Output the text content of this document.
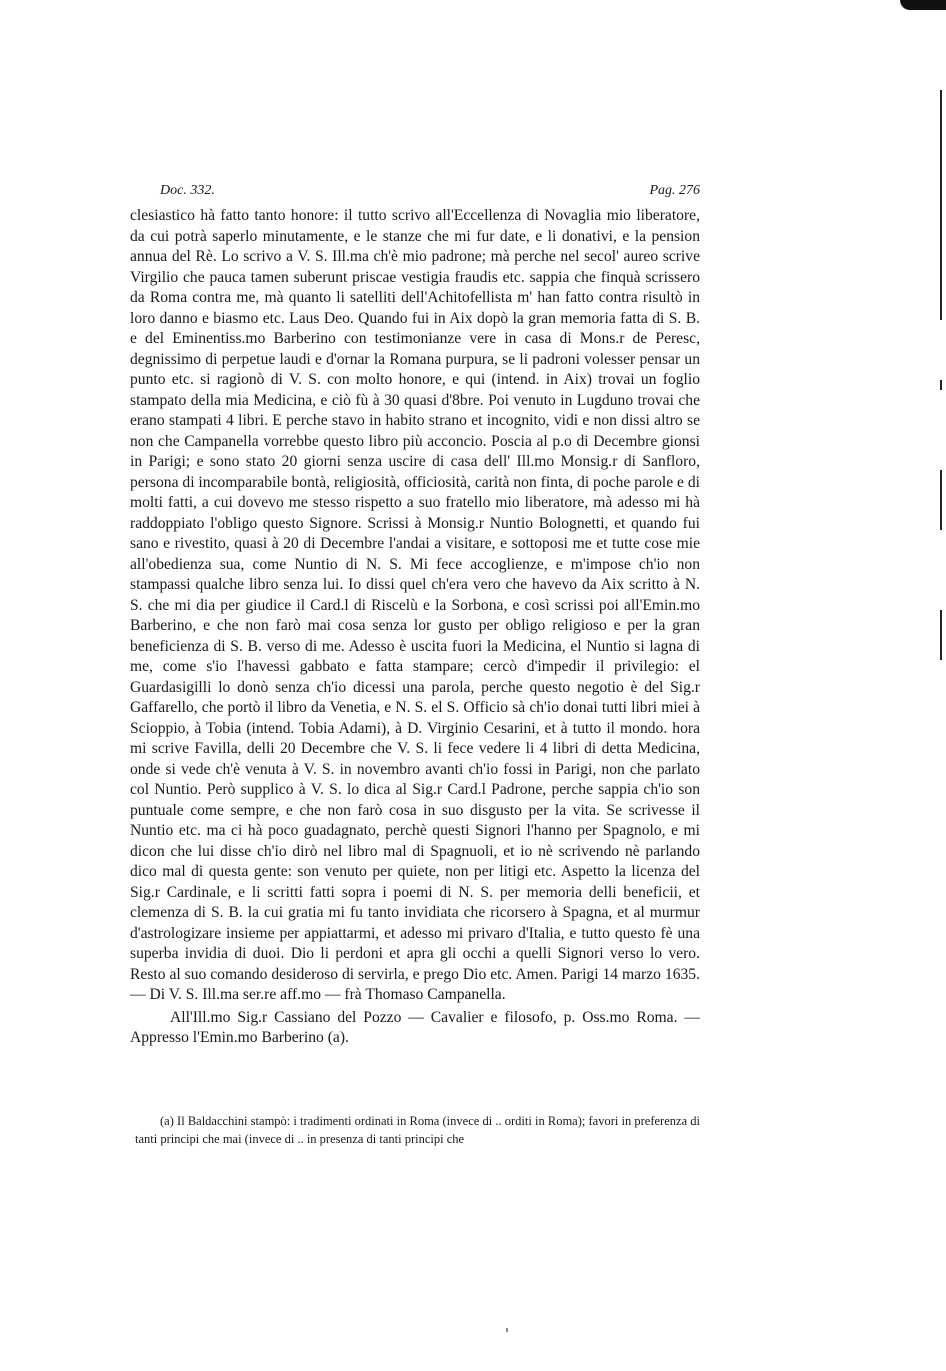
Doc. 332.	Pag. 276

clesiastico hà fatto tanto honore: il tutto scrivo all'Eccellenza di Novaglia mio liberatore, da cui potrà saperlo minutamente, e le stanze che mi fur date, e li donativi, e la pension annua del Rè. Lo scrivo a V. S. Ill.ma ch'è mio padrone; mà perche nel secol' aureo scrive Virgilio che pauca tamen suberunt priscae vestigia fraudis etc. sappia che finquà scrissero da Roma contra me, mà quanto li satelliti dell'Achitofellista m' han fatto contra risultò in loro danno e biasmo etc. Laus Deo. Quando fui in Aix dopò la gran memoria fatta di S. B. e del Eminentiss.mo Barberino con testimonianze vere in casa di Mons.r de Peresc, degnissimo di perpetue laudi e d'ornar la Romana purpura, se li padroni volesser pensar un punto etc. si ragionò di V. S. con molto honore, e qui (intend. in Aix) trovai un foglio stampato della mia Medicina, e ciò fù à 30 quasi d'8bre. Poi venuto in Lugduno trovai che erano stampati 4 libri. E perche stavo in habito strano et incognito, vidi e non dissi altro se non che Campanella vorrebbe questo libro più acconcio. Poscia al p.o di Decembre gionsi in Parigi; e sono stato 20 giorni senza uscire di casa dell' Ill.mo Monsig.r di Sanfloro, persona di incomparabile bontà, religiosità, officiosità, carità non finta, di poche parole e di molti fatti, a cui dovevo me stesso rispetto a suo fratello mio liberatore, mà adesso mi hà raddoppiato l'obligo questo Signore. Scrissi à Monsig.r Nuntio Bolognetti, et quando fui sano e rivestito, quasi à 20 di Decembre l'andai a visitare, e sottoposi me et tutte cose mie all'obedienza sua, come Nuntio di N. S. Mi fece accoglienze, e m'impose ch'io non stampassi qualche libro senza lui. Io dissi quel ch'era vero che havevo da Aix scritto à N. S. che mi dia per giudice il Card.l di Riscelù e la Sorbona, e così scrissi poi all'Emin.mo Barberino, e che non farò mai cosa senza lor gusto per obligo religioso e per la gran beneficienza di S. B. verso di me. Adesso è uscita fuori la Medicina, el Nuntio si lagna di me, come s'io l'havessi gabbato e fatta stampare; cercò d'impedir il privilegio: el Guardasigilli lo donò senza ch'io dicessi una parola, perche questo negotio è del Sig.r Gaffarello, che portò il libro da Venetia, e N. S. el S. Officio sà ch'io donai tutti libri miei à Scioppio, à Tobia (intend. Tobia Adami), à D. Virginio Cesarini, et à tutto il mondo. hora mi scrive Favilla, delli 20 Decembre che V. S. li fece vedere li 4 libri di detta Medicina, onde si vede ch'è venuta à V. S. in novembro avanti ch'io fossi in Parigi, non che parlato col Nuntio. Però supplico à V. S. lo dica al Sig.r Card.l Padrone, perche sappia ch'io son puntuale come sempre, e che non farò cosa in suo disgusto per la vita. Se scrivesse il Nuntio etc. ma ci hà poco guadagnato, perchè questi Signori l'hanno per Spagnolo, e mi dicon che lui disse ch'io dirò nel libro mal di Spagnuoli, et io nè scrivendo nè parlando dico mal di questa gente: son venuto per quiete, non per litigi etc. Aspetto la licenza del Sig.r Cardinale, e li scritti fatti sopra i poemi di N. S. per memoria delli beneficii, et clemenza di S. B. la cui gratia mi fu tanto invidiata che ricorsero à Spagna, et al murmur d'astrologizare insieme per appiattarmi, et adesso mi privaro d'Italia, e tutto questo fè una superba invidia di duoi. Dio li perdoni et apra gli occhi a quelli Signori verso lo vero. Resto al suo comando desideroso di servirla, e prego Dio etc. Amen. Parigi 14 marzo 1635. — Di V. S. Ill.ma ser.re aff.mo — frà Thomaso Campanella.

All'Ill.mo Sig.r Cassiano del Pozzo — Cavalier e filosofo, p. Oss.mo Roma. — Appresso l'Emin.mo Barberino (a).

(a) Il Baldacchini stampò: i tradimenti ordinati in Roma (invece di .. orditi in Roma); favori in preferenza di tanti principi che mai (invece di .. in presenza di tanti principi che
